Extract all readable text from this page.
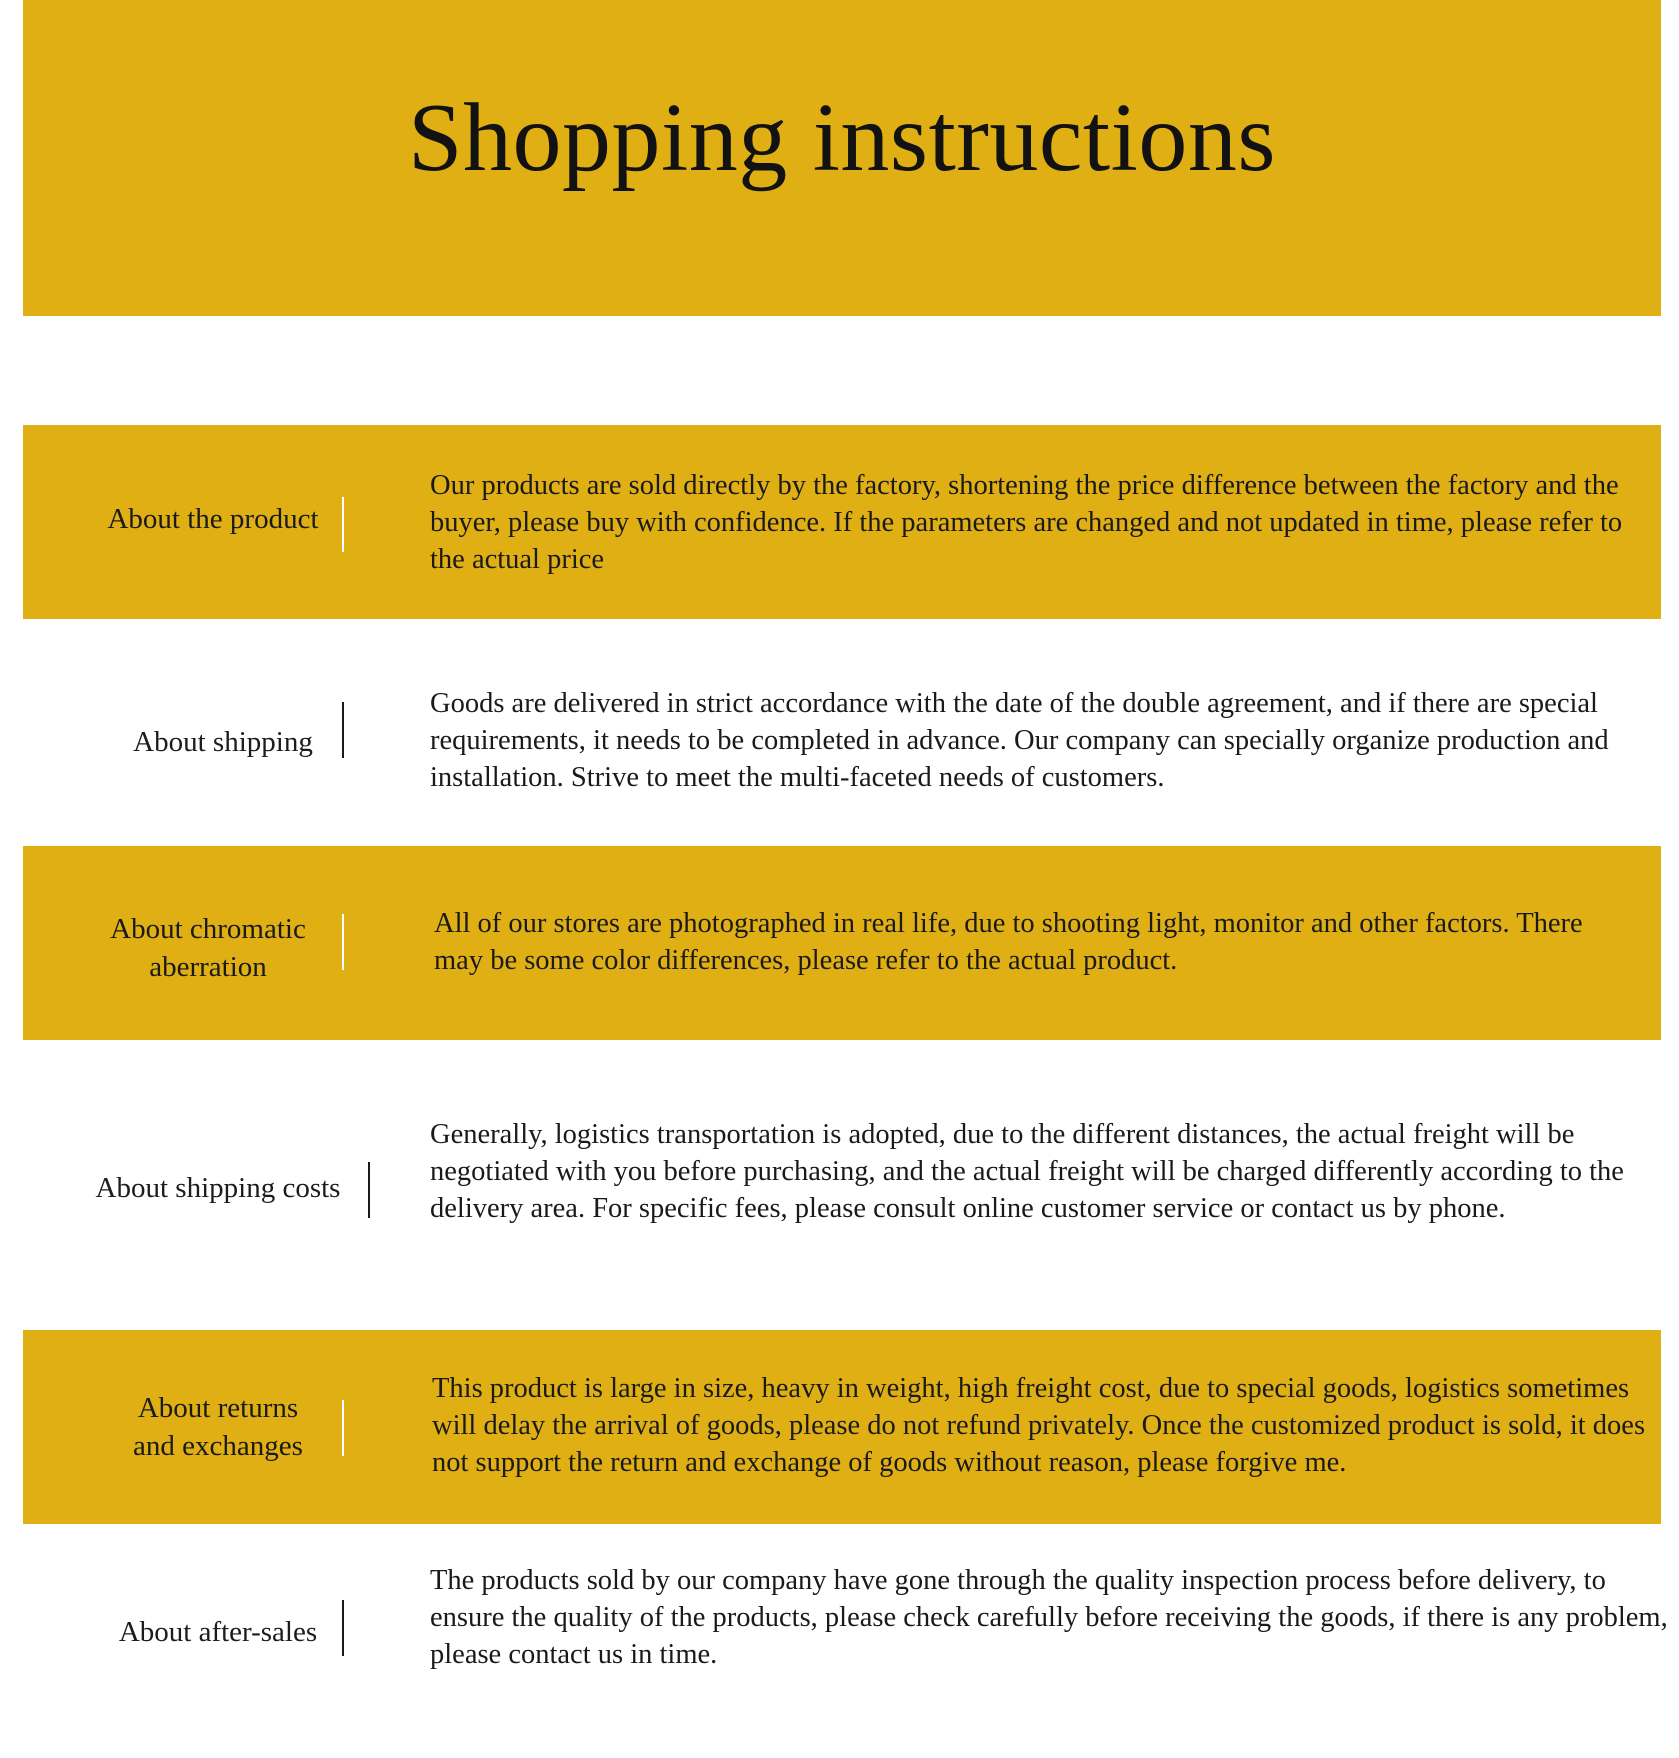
Shopping instructions
About the product

Our products are sold directly by the factory, shortening the price difference between the factory and the buyer, please buy with confidence. If the parameters are changed and not updated in time, please refer to the actual price

About shipping

Goods are delivered in strict accordance with the date of the double agreement, and if there are special requirements, it needs to be completed in advance. Our company can specially organize production and installation. Strive to meet the multi-faceted needs of customers.

About chromatic aberration

All of our stores are photographed in real life, due to shooting light, monitor and other factors. There may be some color differences, please refer to the actual product.

About shipping costs

Generally, logistics transportation is adopted, due to the different distances, the actual freight will be negotiated with you before purchasing, and the actual freight will be charged differently according to the delivery area. For specific fees, please consult online customer service or contact us by phone.

About returns and exchanges

This product is large in size, heavy in weight, high freight cost, due to special goods, logistics sometimes will delay the arrival of goods, please do not refund privately. Once the customized product is sold, it does not support the return and exchange of goods without reason, please forgive me.

About after-sales

The products sold by our company have gone through the quality inspection process before delivery, to ensure the quality of the products, please check carefully before receiving the goods, if there is any problem, please contact us in time.
